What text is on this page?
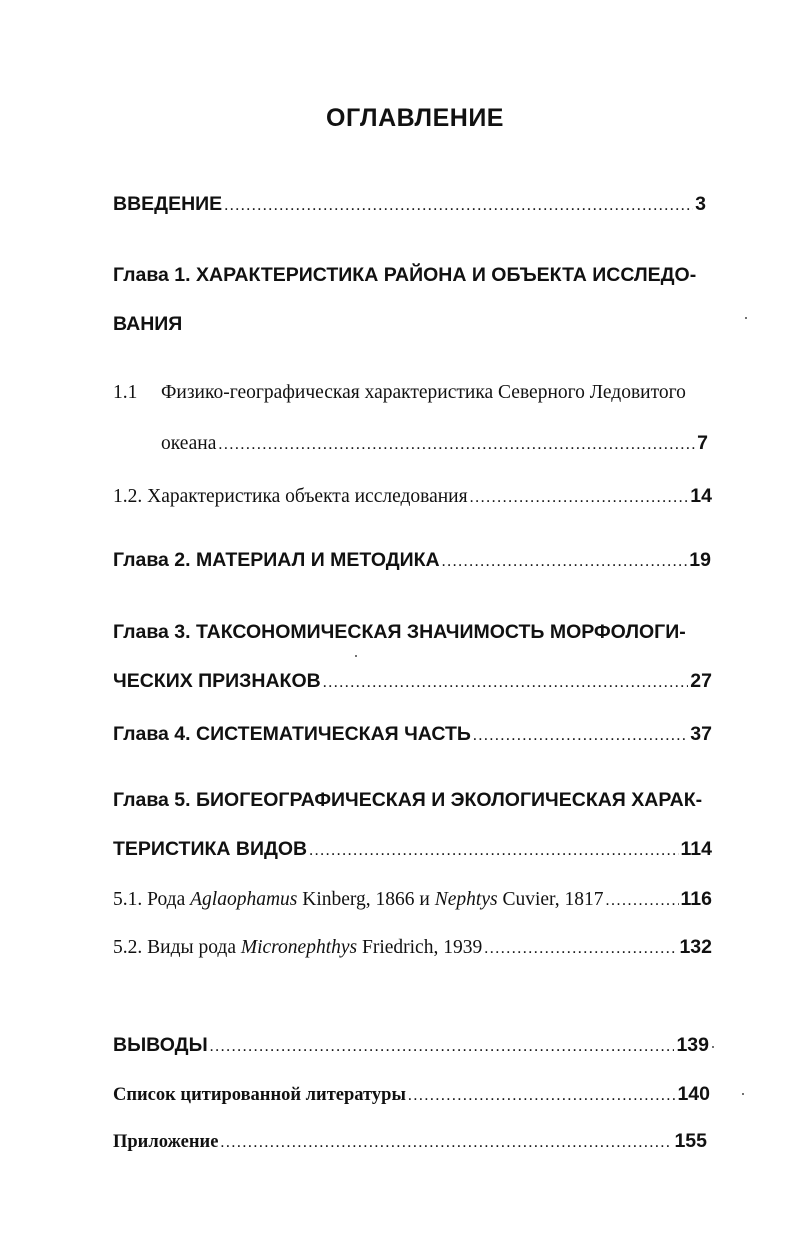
ОГЛАВЛЕНИЕ
ВВЕДЕНИЕ .....	3
Глава 1. ХАРАКТЕРИСТИКА РАЙОНА И ОБЪЕКТА ИССЛЕДО-
ВАНИЯ
1.1	Физико-географическая характеристика Северного Ледовитого
океана .....	7
1.2. Характеристика объекта исследования .....	14
Глава 2. МАТЕРИАЛ И МЕТОДИКА .....	19
Глава 3. ТАКСОНОМИЧЕСКАЯ ЗНАЧИМОСТЬ МОРФОЛОГИ-
ЧЕСКИХ ПРИЗНАКОВ .....	27
Глава 4. СИСТЕМАТИЧЕСКАЯ ЧАСТЬ .....	37
Глава 5. БИОГЕОГРАФИЧЕСКАЯ И ЭКОЛОГИЧЕСКАЯ ХАРАК-
ТЕРИСТИКА ВИДОВ .....	114
5.1. Рода Aglaophamus Kinberg, 1866 и Nephtys Cuvier, 1817 .....	116
5.2. Виды рода Micronephthys Friedrich, 1939 .....	132
ВЫВОДЫ .....	139
Список цитированной литературы .....	140
Приложение .....	155
